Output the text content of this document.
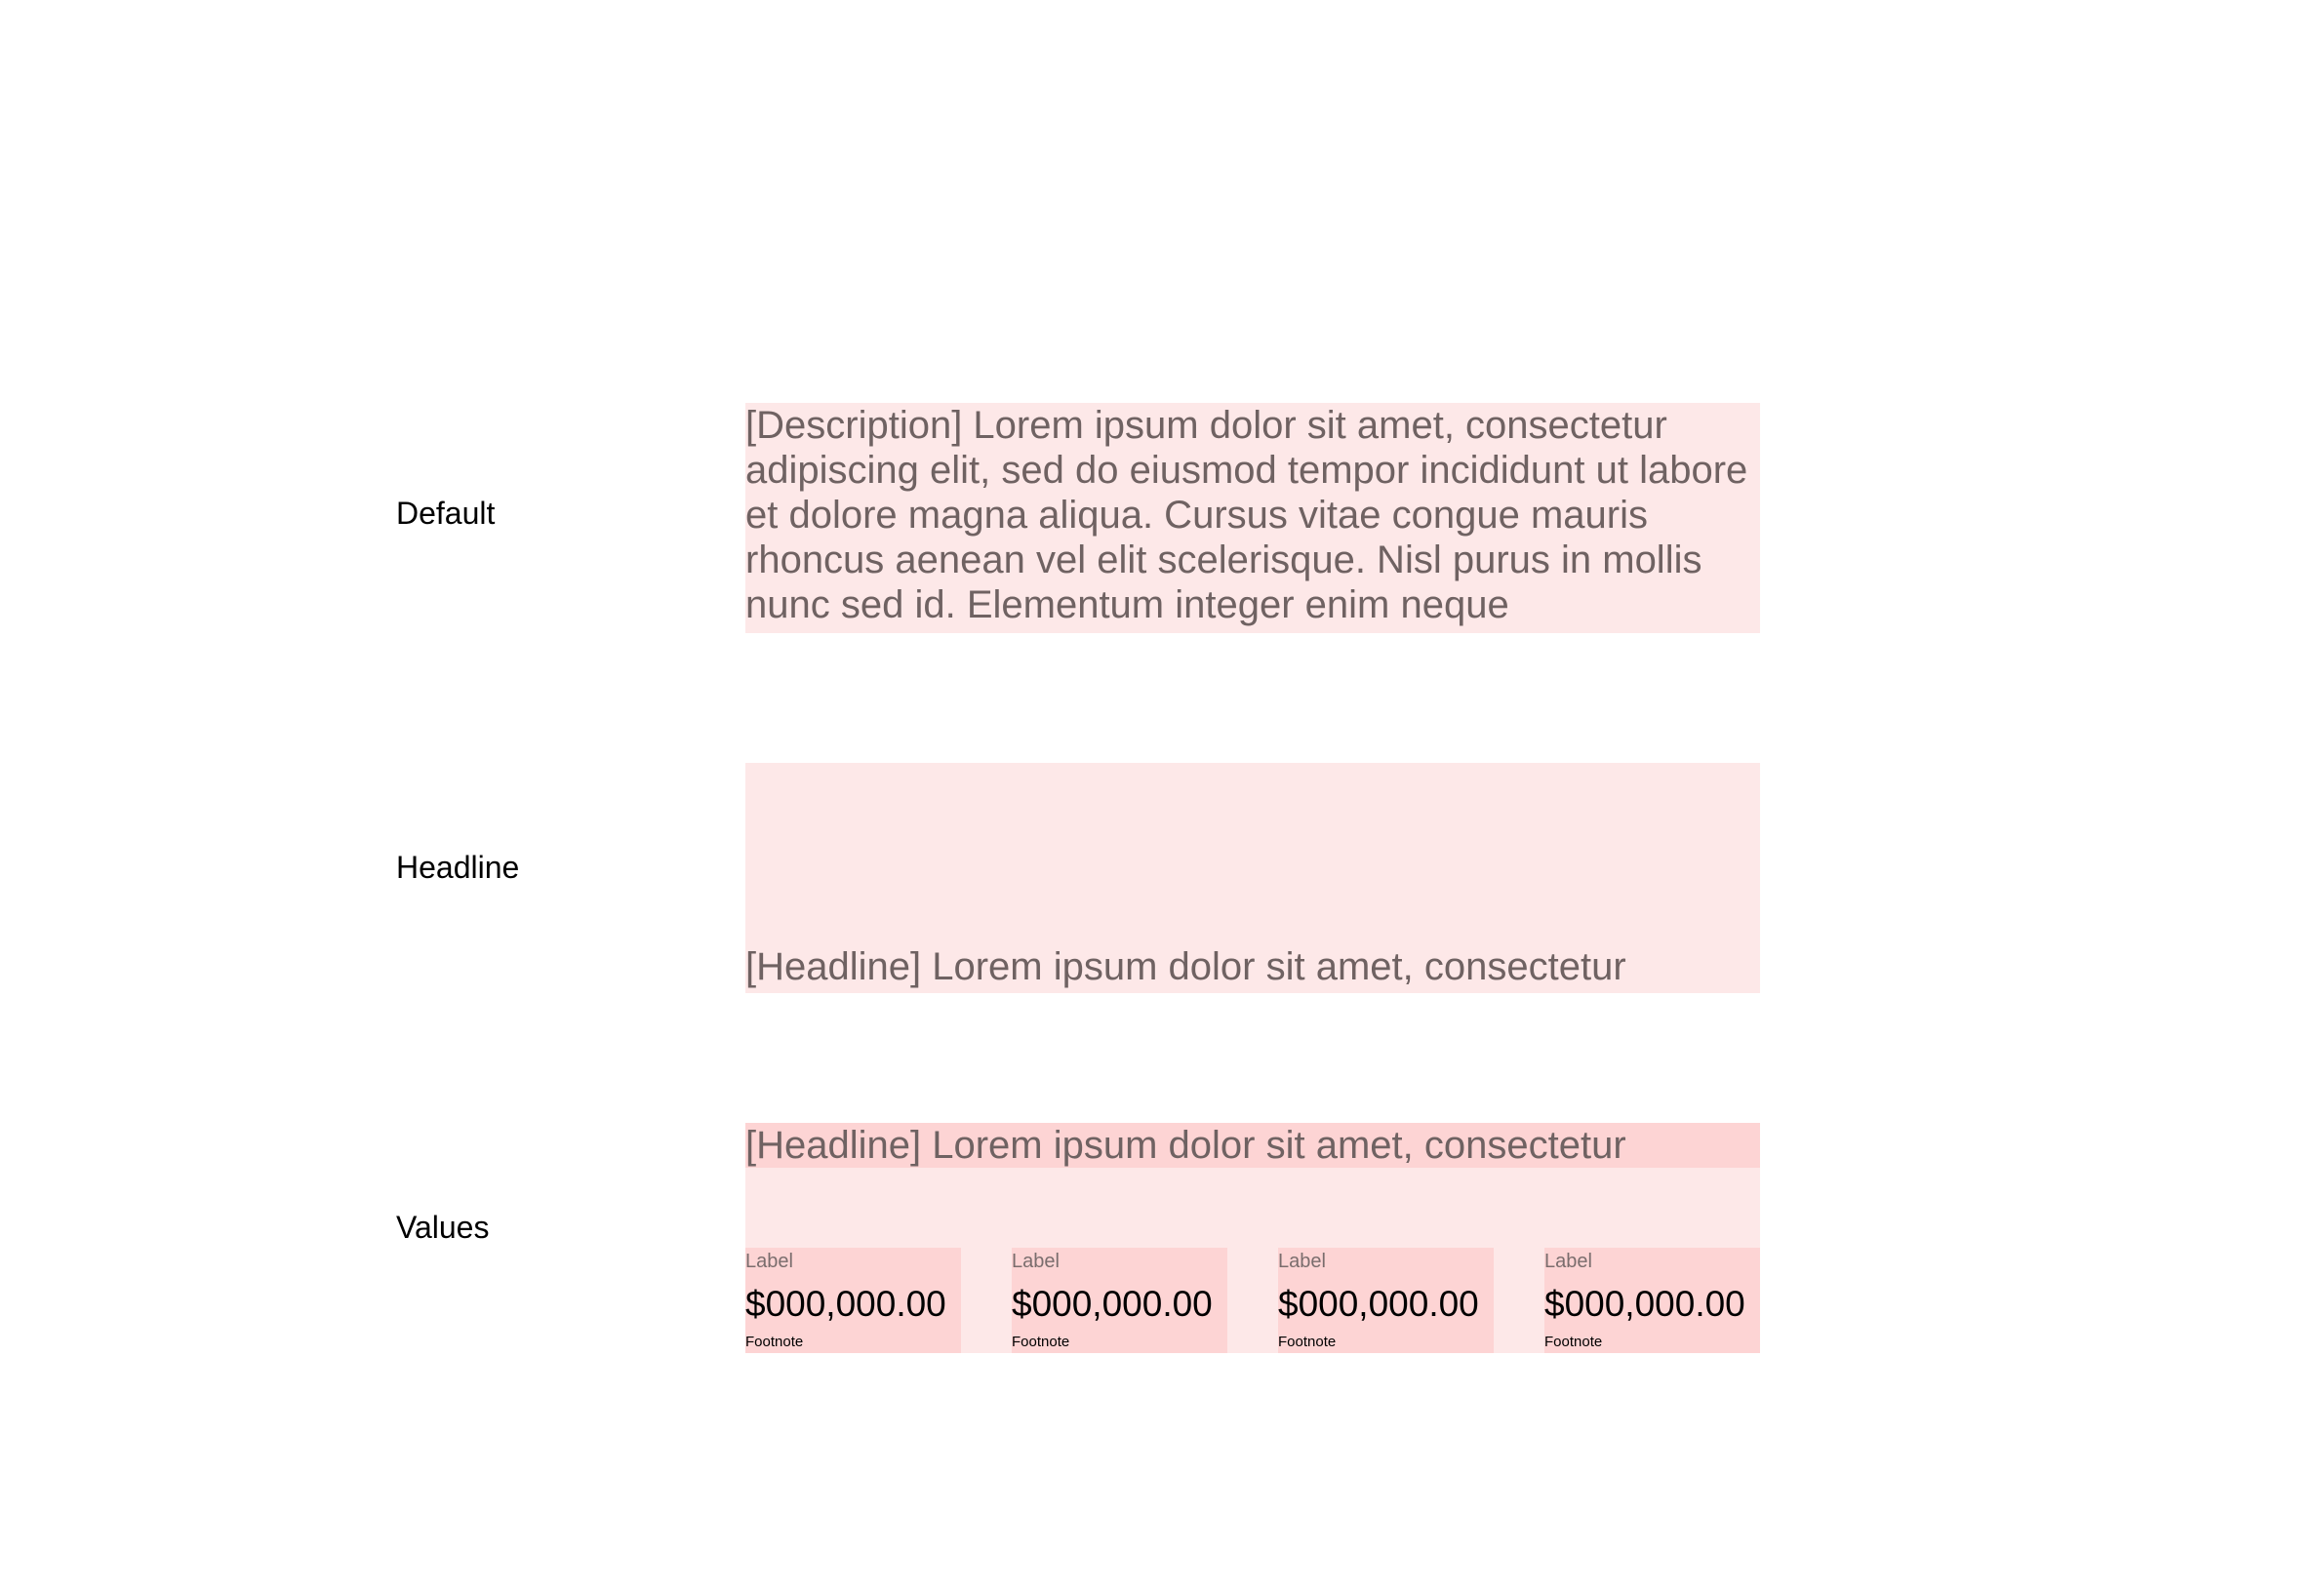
Default

[Description] Lorem ipsum dolor sit amet, consectetur adipiscing elit, sed do eiusmod tempor incididunt ut labore et dolore magna aliqua. Cursus vitae congue mauris rhoncus aenean vel elit scelerisque. Nisl purus in mollis nunc sed id. Elementum integer enim neque

Headline
[Headline] Lorem ipsum dolor sit amet, consectetur
Values
[Headline] Lorem ipsum dolor sit amet, consectetur
Label
$000,000.00
Footnote
Label
$000,000.00
Footnote
Label
$000,000.00
Footnote
Label
$000,000.00
Footnote
